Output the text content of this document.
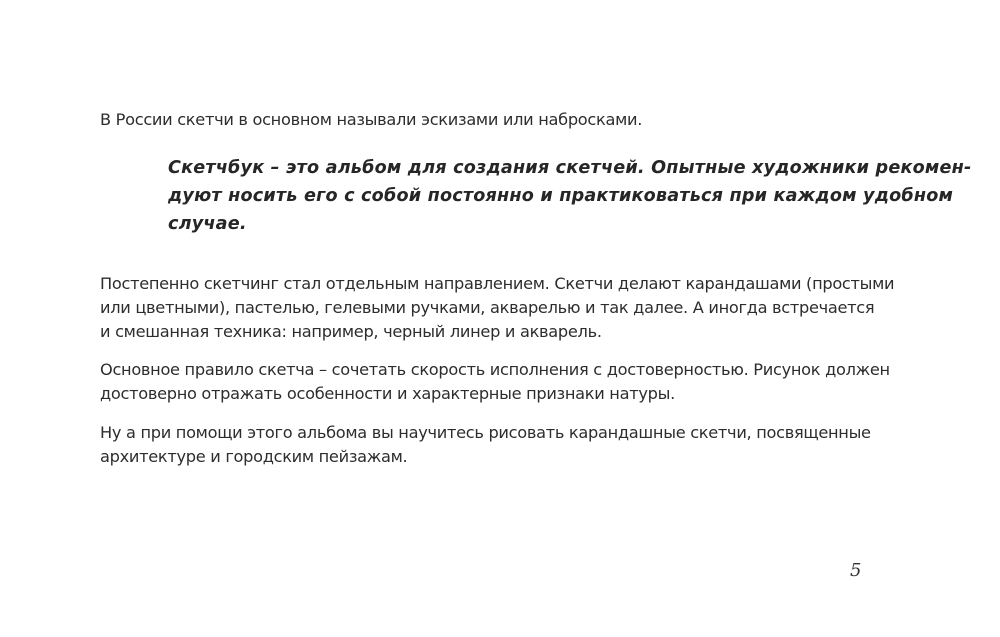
В России скетчи в основном называли эскизами или набросками.

Скетчбук – это альбом для создания скетчей. Опытные художники рекомен-

дуют носить его с собой постоянно и практиковаться при каждом удобном

случае.

Постепенно скетчинг стал отдельным направлением. Скетчи делают карандашами (простыми

или цветными), пастелью, гелевыми ручками, акварелью и так далее. А иногда встречается

и смешанная техника: например, черный линер и акварель.

Основное правило скетча – сочетать скорость исполнения с достоверностью. Рисунок должен

достоверно отражать особенности и характерные признаки натуры.

Ну а при помощи этого альбома вы научитесь рисовать карандашные скетчи, посвященные

архитектуре и городским пейзажам.

5
